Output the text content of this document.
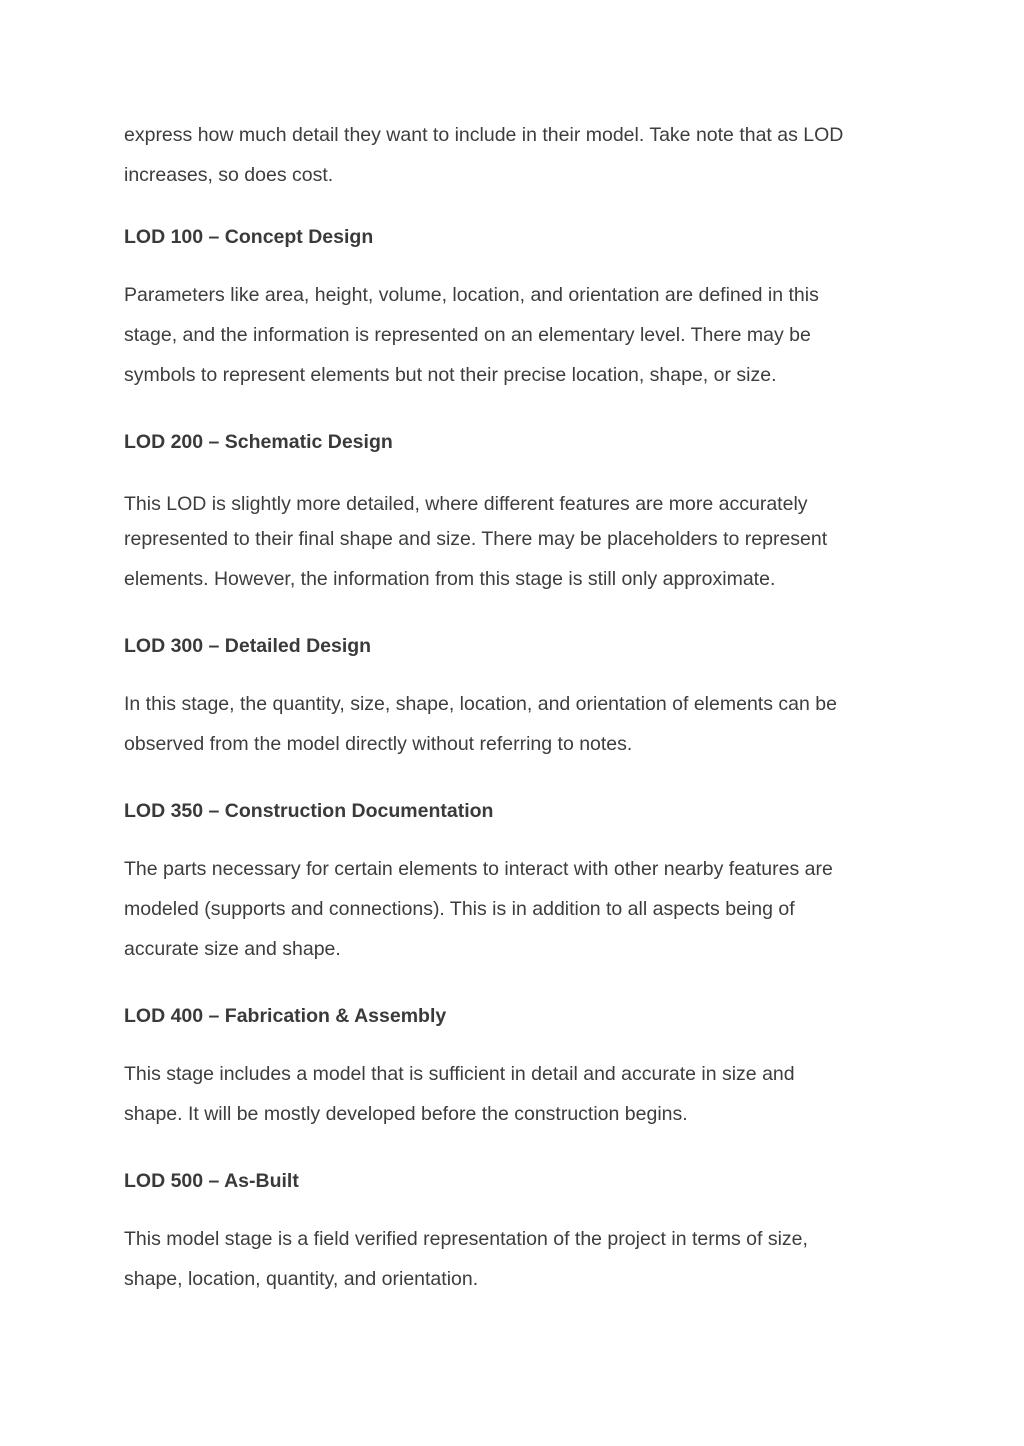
express how much detail they want to include in their model. Take note that as LOD
increases, so does cost.
LOD 100 – Concept Design
Parameters like area, height, volume, location, and orientation are defined in this
stage, and the information is represented on an elementary level. There may be
symbols to represent elements but not their precise location, shape, or size.
LOD 200 – Schematic Design
This LOD is slightly more detailed, where different features are more accurately
represented to their final shape and size. There may be placeholders to represent
elements. However, the information from this stage is still only approximate.
LOD 300 – Detailed Design
In this stage, the quantity, size, shape, location, and orientation of elements can be
observed from the model directly without referring to notes.
LOD 350 – Construction Documentation
The parts necessary for certain elements to interact with other nearby features are
modeled (supports and connections). This is in addition to all aspects being of
accurate size and shape.
LOD 400 – Fabrication & Assembly
This stage includes a model that is sufficient in detail and accurate in size and
shape. It will be mostly developed before the construction begins.
LOD 500 – As-Built
This model stage is a field verified representation of the project in terms of size,
shape, location, quantity, and orientation.
